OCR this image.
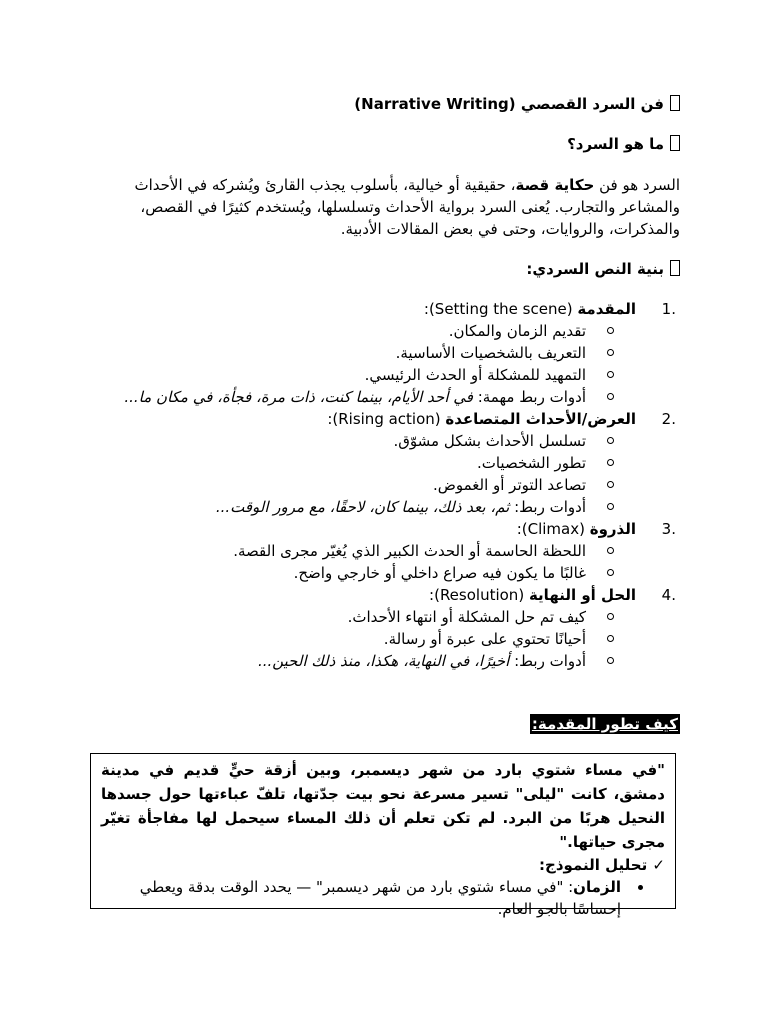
فن السرد القصصي (Narrative Writing)
ما هو السرد؟
السرد هو فن حكاية قصة، حقيقية أو خيالية، بأسلوب يجذب القارئ ويُشركه في الأحداث والمشاعر والتجارب. يُعنى السرد برواية الأحداث وتسلسلها، ويُستخدم كثيرًا في القصص، والمذكرات، والروايات، وحتى في بعض المقالات الأدبية.
بنية النص السردي:
.1
المقدمة (Setting the scene):
تقديم الزمان والمكان.
التعريف بالشخصيات الأساسية.
التمهيد للمشكلة أو الحدث الرئيسي.
أدوات ربط مهمة: في أحد الأيام، بينما كنت، ذات مرة، فجأة، في مكان ما...
.2
العرض/الأحداث المتصاعدة (Rising action):
تسلسل الأحداث بشكل مشوّق.
تطور الشخصيات.
تصاعد التوتر أو الغموض.
أدوات ربط: ثم، بعد ذلك، بينما كان، لاحقًا، مع مرور الوقت...
.3
الذروة (Climax):
اللحظة الحاسمة أو الحدث الكبير الذي يُغيّر مجرى القصة.
غالبًا ما يكون فيه صراع داخلي أو خارجي واضح.
.4
الحل أو النهاية (Resolution):
كيف تم حل المشكلة أو انتهاء الأحداث.
أحيانًا تحتوي على عبرة أو رسالة.
أدوات ربط: أخيرًا، في النهاية، هكذا، منذ ذلك الحين...
كيف تطور المقدمة:
"في مساء شتوي بارد من شهر ديسمبر، وبين أزقة حيٍّ قديم في مدينة دمشق، كانت "ليلى" تسير مسرعة نحو بيت جدّتها، تلفّ عباءتها حول جسدها النحيل هربًا من البرد. لم تكن تعلم أن ذلك المساء سيحمل لها مفاجأة تغيّر مجرى حياتها."
✓ تحليل النموذج:
الزمان: "في مساء شتوي بارد من شهر ديسمبر" — يحدد الوقت بدقة ويعطي إحساسًا بالجو العام.
